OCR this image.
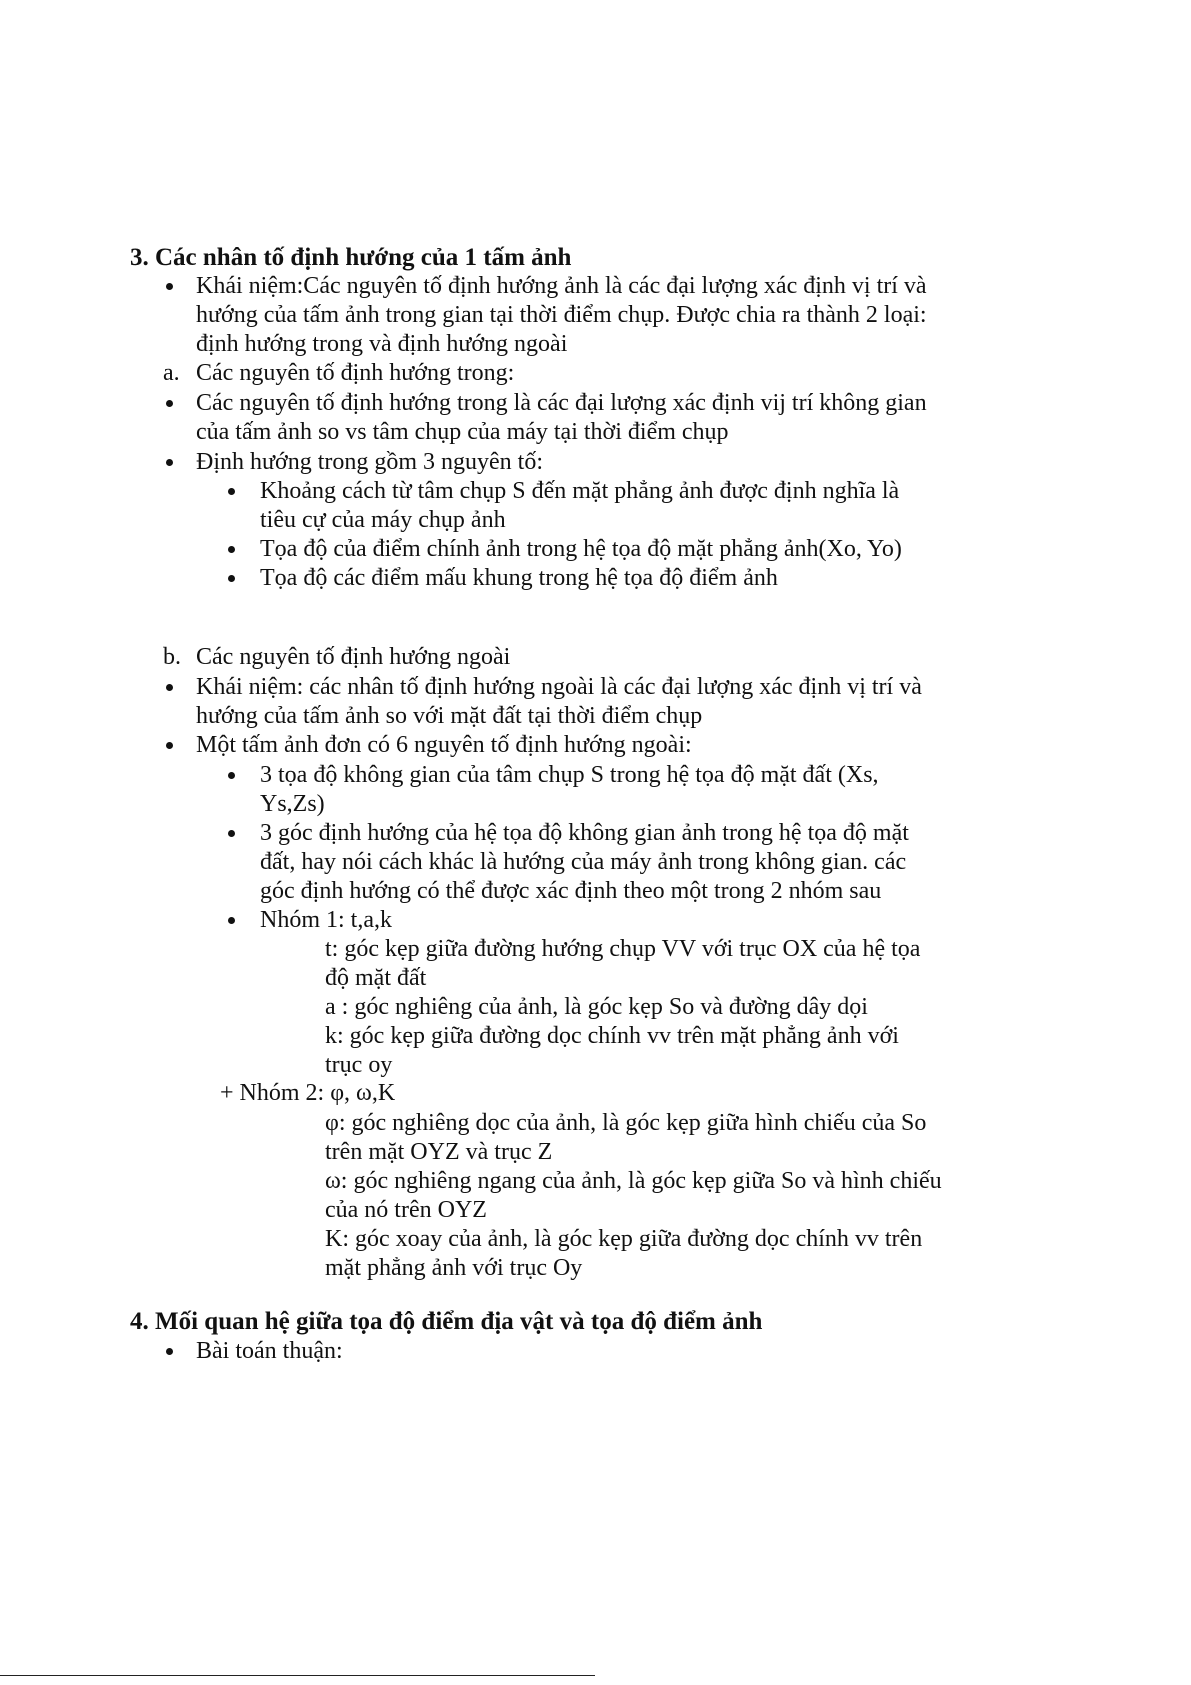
3. Các nhân tố định hướng của 1 tấm ảnh
Khái niệm:Các nguyên tố định hướng ảnh là các đại lượng xác định vị trí và
hướng của tấm ảnh trong gian tại thời điểm chụp. Được chia ra thành 2 loại:
định hướng trong và định hướng ngoài
a. Các nguyên tố định hướng trong:
Các nguyên tố định hướng trong là các đại lượng xác định vij trí không gian
của tấm ảnh so vs tâm chụp của máy tại thời điểm chụp
Định hướng trong gồm 3 nguyên tố:
Khoảng cách từ tâm chụp S đến mặt phẳng ảnh được định nghĩa là
tiêu cự của máy chụp ảnh
Tọa độ của điểm chính ảnh trong hệ tọa độ mặt phẳng ảnh(Xo, Yo)
Tọa độ các điểm mấu khung trong hệ tọa độ điểm ảnh
b. Các nguyên tố định hướng ngoài
Khái niệm: các nhân tố định hướng ngoài là các đại lượng xác định vị trí và
hướng của tấm ảnh so với mặt đất tại thời điểm chụp
Một tấm ảnh đơn có 6 nguyên tố định hướng ngoài:
3 tọa độ không gian của tâm chụp S trong hệ tọa độ mặt đất (Xs,
Ys,Zs)
3 góc định hướng của hệ tọa độ không gian ảnh trong hệ tọa độ mặt
đất, hay nói cách khác là hướng của máy ảnh trong không gian. các
góc định hướng có thể được xác định theo một trong 2 nhóm sau
Nhóm 1: t,a,k
t: góc kẹp giữa đường hướng chụp VV với trục OX của hệ tọa
độ mặt đất
a : góc nghiêng của ảnh, là góc kẹp So và đường dây dọi
k: góc kẹp giữa đường dọc chính vv trên mặt phẳng ảnh với
trục oy
+ Nhóm 2: φ, ω,K
φ: góc nghiêng dọc của ảnh, là góc kẹp giữa hình chiếu của So
trên mặt OYZ và trục Z
ω: góc nghiêng ngang của ảnh, là góc kẹp giữa So và hình chiếu
của nó trên OYZ
K: góc xoay của ảnh, là góc kẹp giữa đường dọc chính vv trên
mặt phẳng ảnh với trục Oy
4. Mối quan hệ giữa tọa độ điểm địa vật và tọa độ điểm ảnh
Bài toán thuận:
